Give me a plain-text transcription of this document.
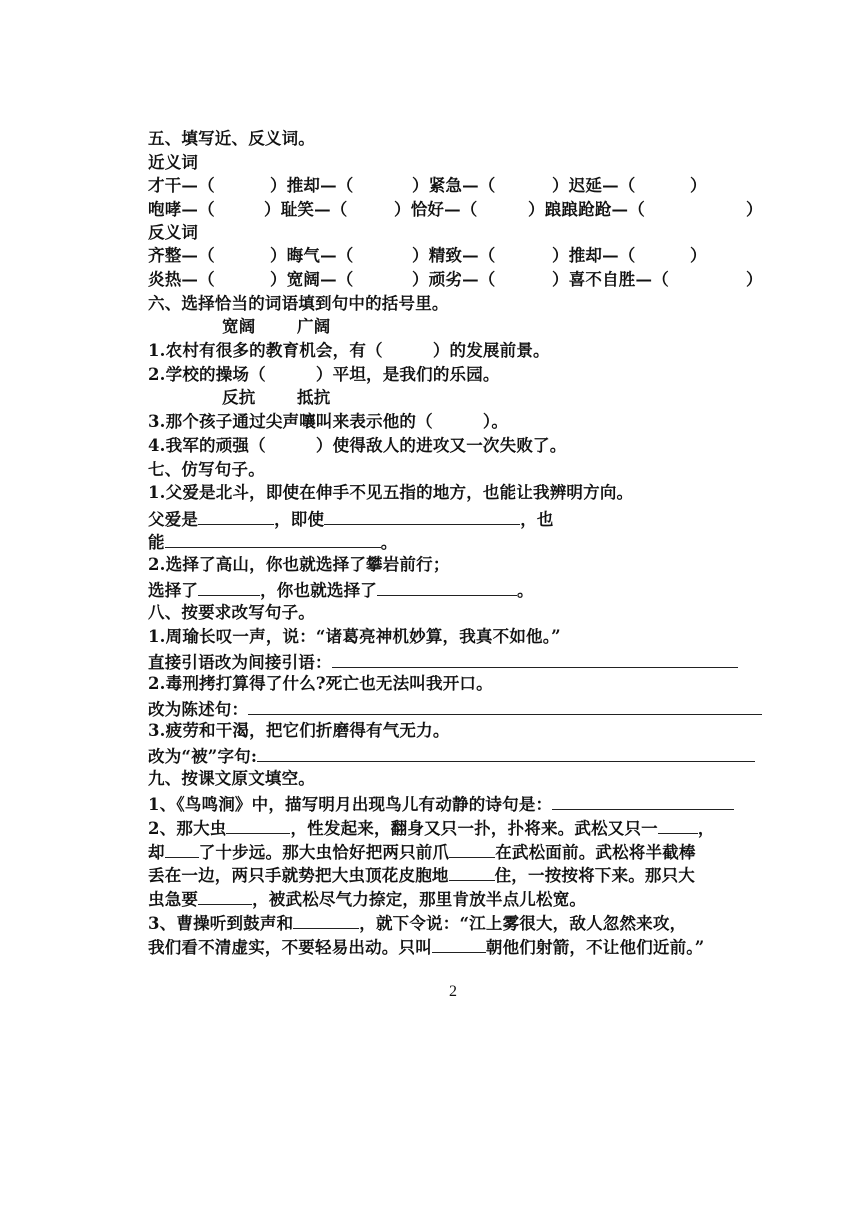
五、填写近、反义词。
近义词
才干—（	）推却—（	）紧急—（	）迟延—（	）
咆哮—（	）耻笑—（	）恰好—（	）踉踉跄跄—（	）
反义词
齐整—（	）晦气—（	）精致—（	）推却—（	）
炎热—（	）宽阔—（	）顽劣—（	）喜不自胜—（	）
六、选择恰当的词语填到句中的括号里。
宽阔	广阔
1.农村有很多的教育机会，有（　　　）的发展前景。
2.学校的操场（　　　）平坦，是我们的乐园。
反抗	抵抗
3.那个孩子通过尖声嚷叫来表示他的（　　　）。
4.我军的顽强（　　　）使得敌人的进攻又一次失败了。
七、仿写句子。
1.父爱是北斗，即使在伸手不见五指的地方，也能让我辨明方向。
父爱是	，即使	，也
能	。
2.选择了高山，你也就选择了攀岩前行；
选择了	，你也就选择了	。
八、按要求改写句子。
1.周瑜长叹一声，说：“诸葛亮神机妙算，我真不如他。”
直接引语改为间接引语：
2.毒刑拷打算得了什么?死亡也无法叫我开口。
改为陈述句：
3.疲劳和干渴，把它们折磨得有气无力。
改为“被”字句:
九、按课文原文填空。
1、《鸟鸣涧》中，描写明月出现鸟儿有动静的诗句是：
2、那大虫	，性发起来，翻身又只一扑，扑将来。武松又只一 ，
却 了十步远。那大虫恰好把两只前爪	在武松面前。武松将半截棒
丢在一边，两只手就势把大虫顶花皮胞地	住，一按按将下来。那只大
虫急要	，被武松尽气力捺定，那里肯放半点儿松宽。
3、曹操听到鼓声和	，就下令说：“江上雾很大，敌人忽然来攻，
我们看不清虚实，不要轻易出动。只叫	朝他们射箭，不让他们近前。”
2
